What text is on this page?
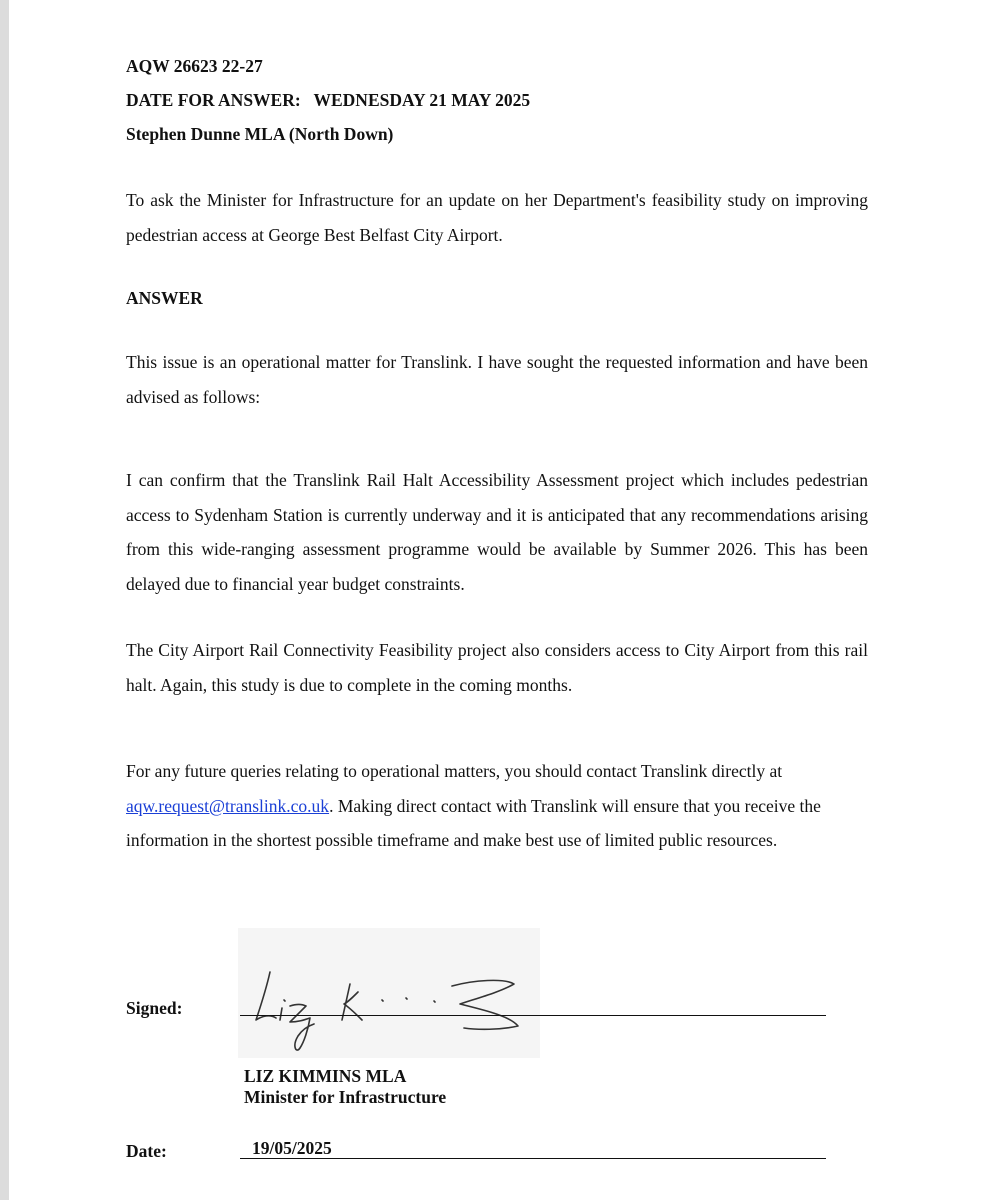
AQW 26623 22-27
DATE FOR ANSWER:   WEDNESDAY 21 MAY 2025
Stephen Dunne MLA (North Down)

To ask the Minister for Infrastructure for an update on her Department's feasibility study on improving pedestrian access at George Best Belfast City Airport.

ANSWER

This issue is an operational matter for Translink. I have sought the requested information and have been advised as follows:

I can confirm that the Translink Rail Halt Accessibility Assessment project which includes pedestrian access to Sydenham Station is currently underway and it is anticipated that any recommendations arising from this wide-ranging assessment programme would be available by Summer 2026. This has been delayed due to financial year budget constraints.

The City Airport Rail Connectivity Feasibility project also considers access to City Airport from this rail halt. Again, this study is due to complete in the coming months.

For any future queries relating to operational matters, you should contact Translink directly at aqw.request@translink.co.uk. Making direct contact with Translink will ensure that you receive the information in the shortest possible timeframe and make best use of limited public resources.

Signed:
LIZ KIMMINS MLA
Minister for Infrastructure
Date:	19/05/2025
